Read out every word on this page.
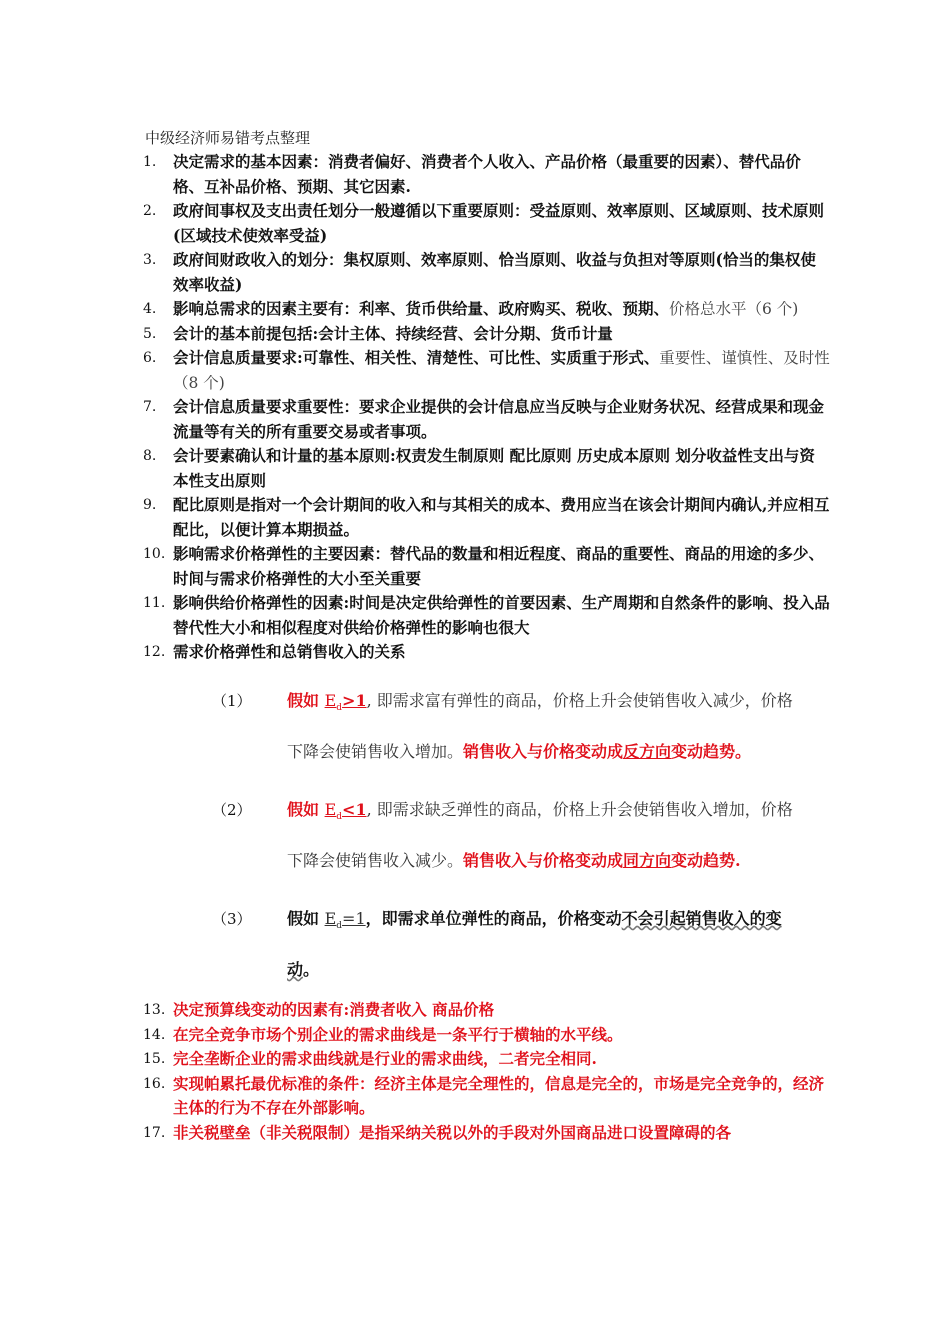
中级经济师易错考点整理
1. 决定需求的基本因素：消费者偏好、消费者个人收入、产品价格（最重要的因素）、替代品价格、互补品价格、预期、其它因素.
2. 政府间事权及支出责任划分一般遵循以下重要原则：受益原则、效率原则、区域原则、技术原则(区域技术使效率受益)
3. 政府间财政收入的划分：集权原则、效率原则、恰当原则、收益与负担对等原则(恰当的集权使效率收益)
4. 影响总需求的因素主要有：利率、货币供给量、政府购买、税收、预期、价格总水平（6 个)
5. 会计的基本前提包括:会计主体、持续经营、会计分期、货币计量
6. 会计信息质量要求:可靠性、相关性、清楚性、可比性、实质重于形式、重要性、谨慎性、及时性（8 个)
7. 会计信息质量要求重要性：要求企业提供的会计信息应当反映与企业财务状况、经营成果和现金流量等有关的所有重要交易或者事项。
8. 会计要素确认和计量的基本原则:权责发生制原则 配比原则 历史成本原则 划分收益性支出与资本性支出原则
9. 配比原则是指对一个会计期间的收入和与其相关的成本、费用应当在该会计期间内确认,并应相互配比，以便计算本期损益。
10. 影响需求价格弹性的主要因素：替代品的数量和相近程度、商品的重要性、商品的用途的多少、时间与需求价格弹性的大小至关重要
11. 影响供给价格弹性的因素:时间是决定供给弹性的首要因素、生产周期和自然条件的影响、投入品替代性大小和相似程度对供给价格弹性的影响也很大
12. 需求价格弹性和总销售收入的关系
（1） 假如 $E_d>1$, 即需求富有弹性的商品，价格上升会使销售收入减少，价格下降会使销售收入增加。销售收入与价格变动成反方向变动趋势。
（2） 假如 $E_d<1$, 即需求缺乏弹性的商品，价格上升会使销售收入增加，价格下降会使销售收入减少。销售收入与价格变动成同方向变动趋势.
（3） 假如 $E_d=1$，即需求单位弹性的商品，价格变动不会引起销售收入的变动。
13. 决定预算线变动的因素有:消费者收入 商品价格
14. 在完全竞争市场个别企业的需求曲线是一条平行于横轴的水平线。
15. 完全垄断企业的需求曲线就是行业的需求曲线，二者完全相同.
16. 实现帕累托最优标准的条件：经济主体是完全理性的，信息是完全的，市场是完全竞争的，经济主体的行为不存在外部影响。
17. 非关税壁垒（非关税限制）是指采纳关税以外的手段对外国商品进口设置障碍的各
